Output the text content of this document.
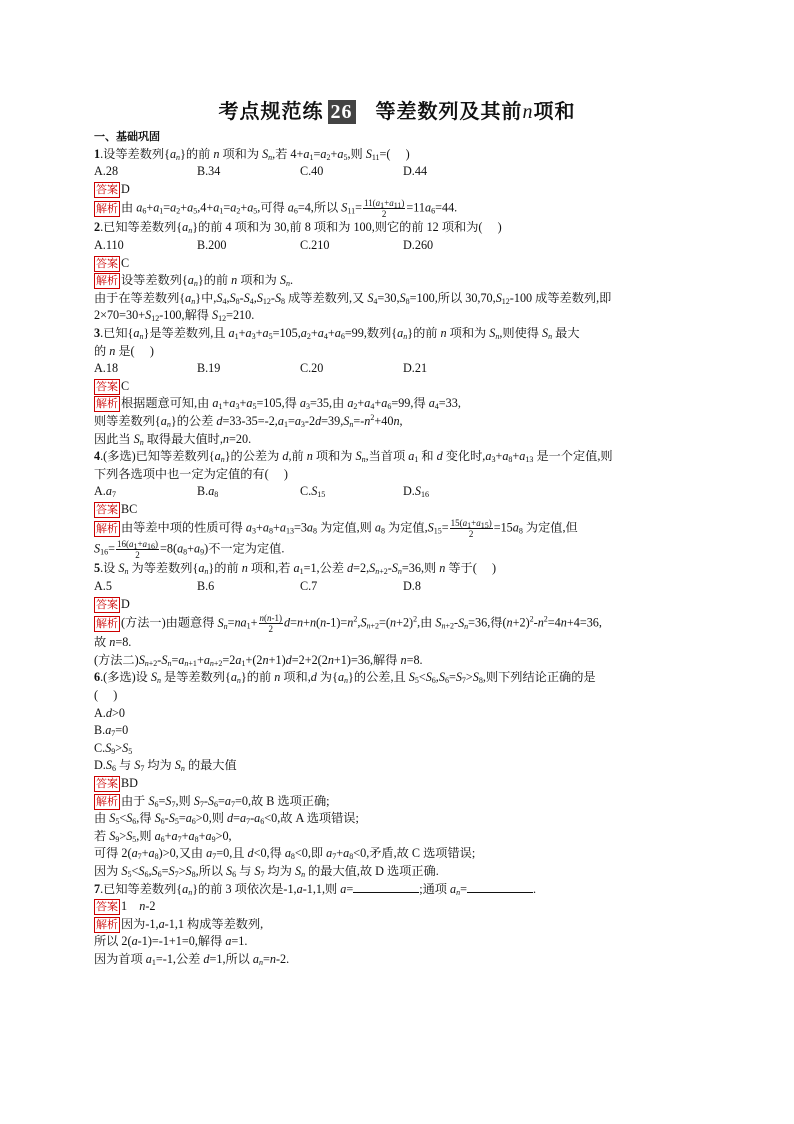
考点规范练 26 等差数列及其前n项和
一、基础巩固
1.设等差数列$\{a_n\}$的前 n 项和为 $S_n$,若 $4+a_1=a_2+a_5$,则 $S_{11}=$(     )
A.28	B.34	C.40	D.44
答案 D
解析 由 $a_6+a_1=a_2+a_5,4+a_1=a_2+a_5$,可得 $a_6=4$,所以 $S_{11}= \frac{11(a_1+a_{11})}{2} =11a_6=44$.
2.已知等差数列$\{a_n\}$的前 4 项和为 30,前 8 项和为 100,则它的前 12 项和为(     )
A.110	B.200	C.210	D.260
答案 C
解析 设等差数列$\{a_n\}$的前 n 项和为 $S_n$.
由于在等差数列$\{a_n\}$中$,S_4,S_8-S_4,S_{12}-S_8$ 成等差数列,又 $S_4=30,S_8=100$,所以 $30,70,S_{12}-100$ 成等差数列,即
$2\times 70=30+S_{12}-100$,解得 $S_{12}=210$.
3.已知$\{a_n\}$是等差数列,且 $a_1+a_3+a_5=105,a_2+a_4+a_6=99$,数列$\{a_n\}$的前 n 项和为 $S_n$,则使得 $S_n$ 最大
的 n 是(     )
A.18	B.19	C.20	D.21
答案 C
解析 根据题意可知,由 $a_1+a_3+a_5=105$,得 $a_3=35$,由 $a_2+a_4+a_6=99$,得 $a_4=33$,
则等差数列$\{a_n\}$的公差 $d=33-35=-2,a_1=a_3-2d=39,S_n=-n^2+40n$,
因此当 $S_n$ 取得最大值时,n=20.
4.(多选)已知等差数列$\{a_n\}$的公差为 d,前 n 项和为 $S_n$,当首项 $a_1$ 和 d 变化时$,a_3+a_8+a_{13}$ 是一个定值,则
下列各选项中也一定为定值的有(     )
$A.a_7$	$B.a_8$	$C.S_{15}$	$D.S_{16}$
答案 BC
解析 由等差中项的性质可得 $a_3+a_8+a_{13}=3a_8$ 为定值,则 $a_8$ 为定值$,S_{15}= \frac{15(a_1+a_{15})}{2} =15a_8$ 为定值,但
$S_{16}= \frac{16(a_1+a_{16})}{2} =8(a_8+a_9)$不一定为定值.
5.设 $S_n$ 为等差数列$\{a_n\}$的前 n 项和,若 $a_1=1$,公差 $d=2,S_{n+2}-S_n=36$,则 n 等于(     )
A.5	B.6	C.7	D.8
答案 D
解析 (方法一)由题意得 $S_n=na_1+ \frac{n(n-1)}{2} d=n+n(n-1)=n^2,S_{n+2}=(n+2)^2$,由 $S_{n+2}-S_n=36$,得$(n+2)^2-n^2=4n+4=36$,
故 n=8.
(方法二)$S_{n+2}-S_n=a_{n+1}+a_{n+2}=2a_1+(2n+1)d=2+2(2n+1)=36$,解得 n=8.
6.(多选)设 $S_n$ 是等差数列$\{a_n\}$的前 n 项和,d 为$\{a_n\}$的公差,且 $S_5<S_6,S_6=S_7>S_8$,则下列结论正确的是
(     )
A.d>0
$B.a_7=0$
$C.S_9>S_5$
$D.S_6$ 与 $S_7$ 均为 $S_n$ 的最大值
答案 BD
解析 由于 $S_6=S_7$,则 $S_7-S_6=a_7=0$,故 B 选项正确;
由 $S_5<S_6$,得 $S_6-S_5=a_6>0$,则 $d=a_7-a_6<0$,故 A 选项错误;
若 $S_9>S_5$,则 $a_6+a_7+a_8+a_9>0$,
可得 $2(a_7+a_8)>0$,又由 $a_7=0$,且 d<0,得 $a_8<0$,即 $a_7+a_8<0$,矛盾,故 C 选项错误;
因为 $S_5<S_6,S_6=S_7>S_8$,所以 $S_6$ 与 $S_7$ 均为 $S_n$ 的最大值,故 D 选项正确.
7.已知等差数列$\{a_n\}$的前 3 项依次是-1,a-1,1,则 a=	;通项 $a_n=$	.
答案 1    n-2
解析 因为-1,a-1,1 构成等差数列,
所以 2(a-1)=-1+1=0,解得 a=1.
因为首项 $a_1=-1$,公差 d=1,所以 $a_n=n-2$.
